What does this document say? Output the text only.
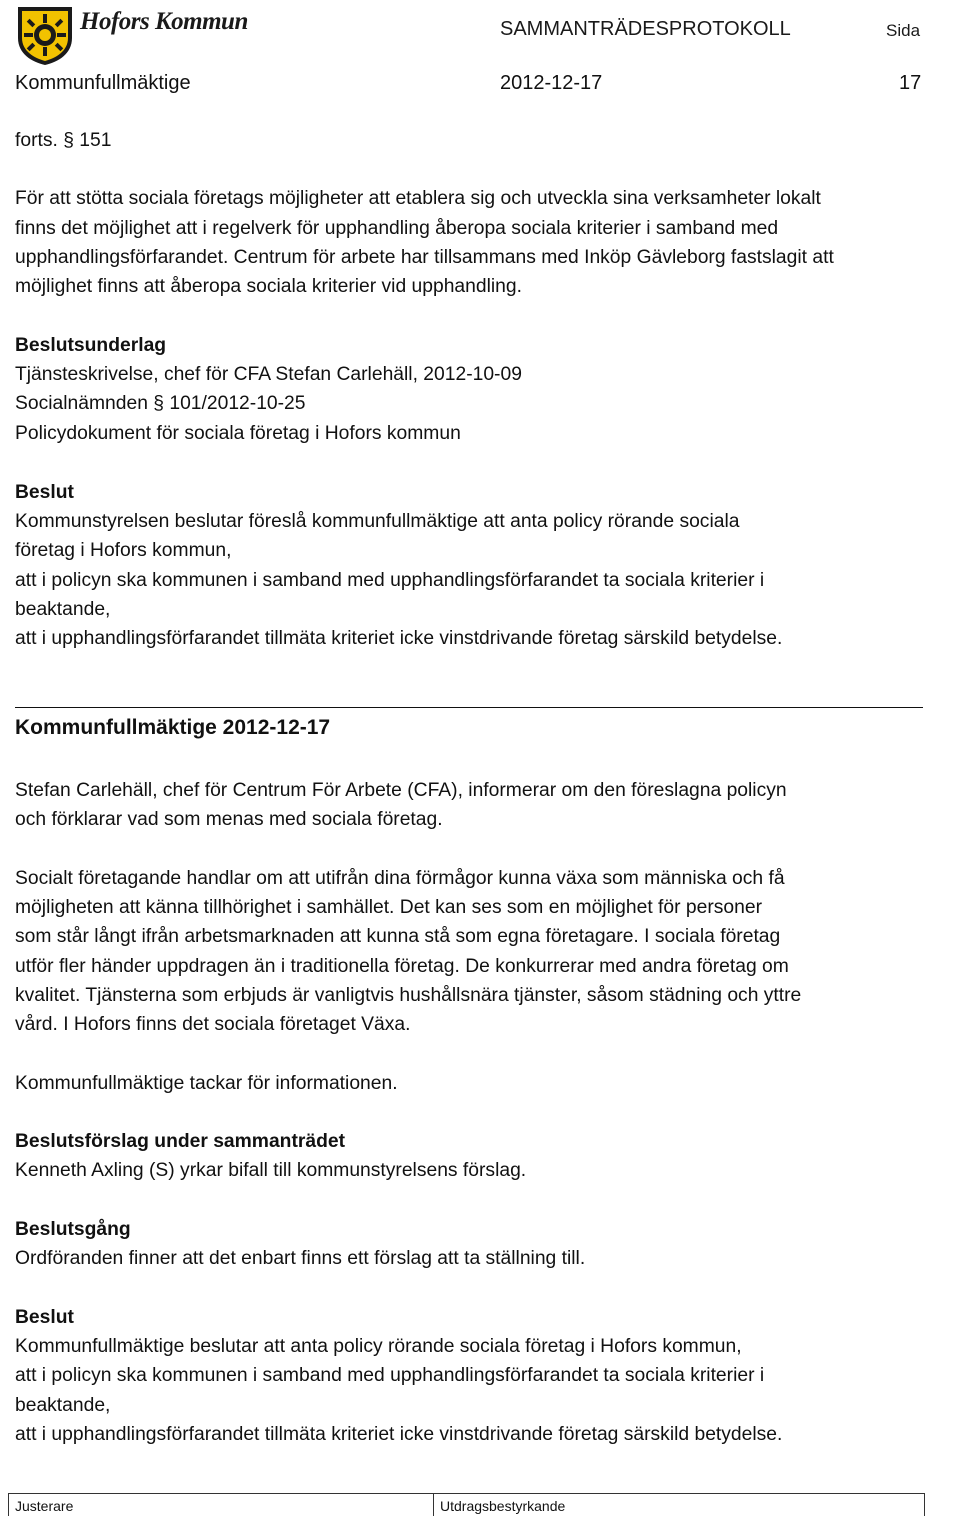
Hofors Kommun	SAMMANTRÄDESPROTOKOLL	Sida
Kommunfullmäktige	2012-12-17	17
forts. § 151

För att stötta sociala företags möjligheter att etablera sig och utveckla sina verksamheter lokalt
finns det möjlighet att i regelverk för upphandling åberopa sociala kriterier i samband med
upphandlingsförfarandet. Centrum för arbete har tillsammans med Inköp Gävleborg fastslagit att
möjlighet finns att åberopa sociala kriterier vid upphandling.
Beslutsunderlag
Tjänsteskrivelse, chef för CFA Stefan Carlehäll, 2012-10-09
Socialnämnden § 101/2012-10-25
Policydokument för sociala företag i Hofors kommun
Beslut
Kommunstyrelsen beslutar föreslå kommunfullmäktige att anta policy rörande sociala
företag i Hofors kommun,
att i policyn ska kommunen i samband med upphandlingsförfarandet ta sociala kriterier i
beaktande,
att i upphandlingsförfarandet tillmäta kriteriet icke vinstdrivande företag särskild betydelse.
Kommunfullmäktige 2012-12-17
Stefan Carlehäll, chef för Centrum För Arbete (CFA), informerar om den föreslagna policyn
och förklarar vad som menas med sociala företag.
Socialt företagande handlar om att utifrån dina förmågor kunna växa som människa och få
möjligheten att känna tillhörighet i samhället. Det kan ses som en möjlighet för personer
som står långt ifrån arbetsmarknaden att kunna stå som egna företagare. I sociala företag
utför fler händer uppdragen än i traditionella företag. De konkurrerar med andra företag om
kvalitet. Tjänsterna som erbjuds är vanligtvis hushållsnära tjänster, såsom städning och yttre
vård. I Hofors finns det sociala företaget Växa.
Kommunfullmäktige tackar för informationen.
Beslutsförslag under sammanträdet
Kenneth Axling (S) yrkar bifall till kommunstyrelsens förslag.
Beslutsgång
Ordföranden finner att det enbart finns ett förslag att ta ställning till.
Beslut
Kommunfullmäktige beslutar att anta policy rörande sociala företag i Hofors kommun,
att i policyn ska kommunen i samband med upphandlingsförfarandet ta sociala kriterier i
beaktande,
att i upphandlingsförfarandet tillmäta kriteriet icke vinstdrivande företag särskild betydelse.
Justerare	Utdragsbestyrkande
